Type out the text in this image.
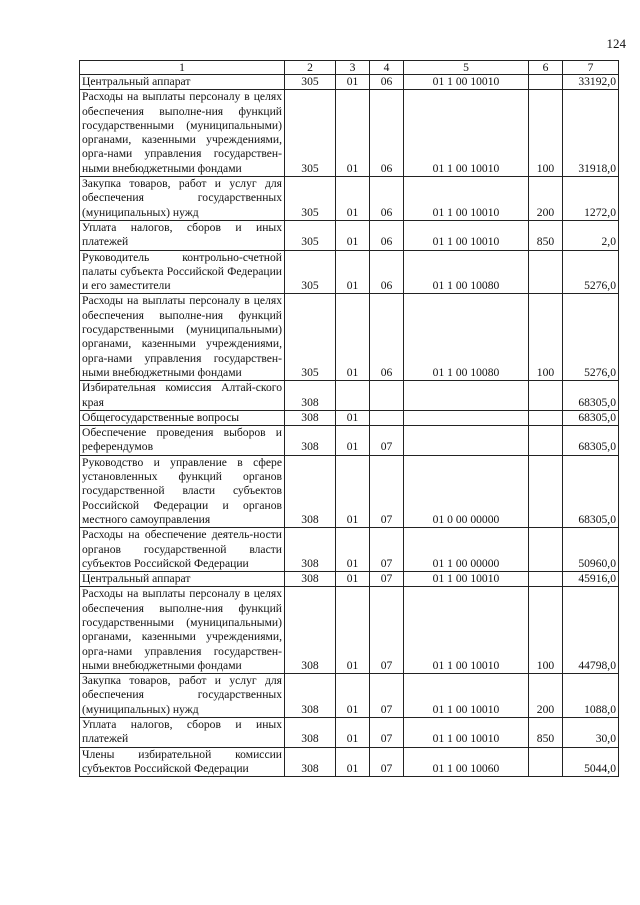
124
1	2	3	4	5	6	7
Центральный аппарат	305	01	06	01 1 00 10010		33192,0
Расходы на выплаты персоналу в целях обеспечения выполне-ния функций государственными (муниципальными) органами, казенными учреждениями, орга-нами управления государствен-ными внебюджетными фондами	305	01	06	01 1 00 10010	100	31918,0
Закупка товаров, работ и услуг для обеспечения государственных (муниципальных) нужд	305	01	06	01 1 00 10010	200	1272,0
Уплата налогов, сборов и иных платежей	305	01	06	01 1 00 10010	850	2,0
Руководитель контрольно-счетной палаты субъекта Российской Федерации и его заместители	305	01	06	01 1 00 10080		5276,0
Расходы на выплаты персоналу в целях обеспечения выполне-ния функций государственными (муниципальными) органами, казенными учреждениями, орга-нами управления государствен-ными внебюджетными фондами	305	01	06	01 1 00 10080	100	5276,0
Избирательная комиссия Алтай-ского края	308					68305,0
Общегосударственные вопросы	308	01				68305,0
Обеспечение проведения выборов и референдумов	308	01	07			68305,0
Руководство и управление в сфере установленных функций органов государственной власти субъектов Российской Федерации и органов местного самоуправления	308	01	07	01 0 00 00000		68305,0
Расходы на обеспечение деятель-ности органов государственной власти субъектов Российской Федерации	308	01	07	01 1 00 00000		50960,0
Центральный аппарат	308	01	07	01 1 00 10010		45916,0
Расходы на выплаты персоналу в целях обеспечения выполне-ния функций государственными (муниципальными) органами, казенными учреждениями, орга-нами управления государствен-ными внебюджетными фондами	308	01	07	01 1 00 10010	100	44798,0
Закупка товаров, работ и услуг для обеспечения государственных (муниципальных) нужд	308	01	07	01 1 00 10010	200	1088,0
Уплата налогов, сборов и иных платежей	308	01	07	01 1 00 10010	850	30,0
Члены избирательной комиссии субъектов Российской Федерации	308	01	07	01 1 00 10060		5044,0
